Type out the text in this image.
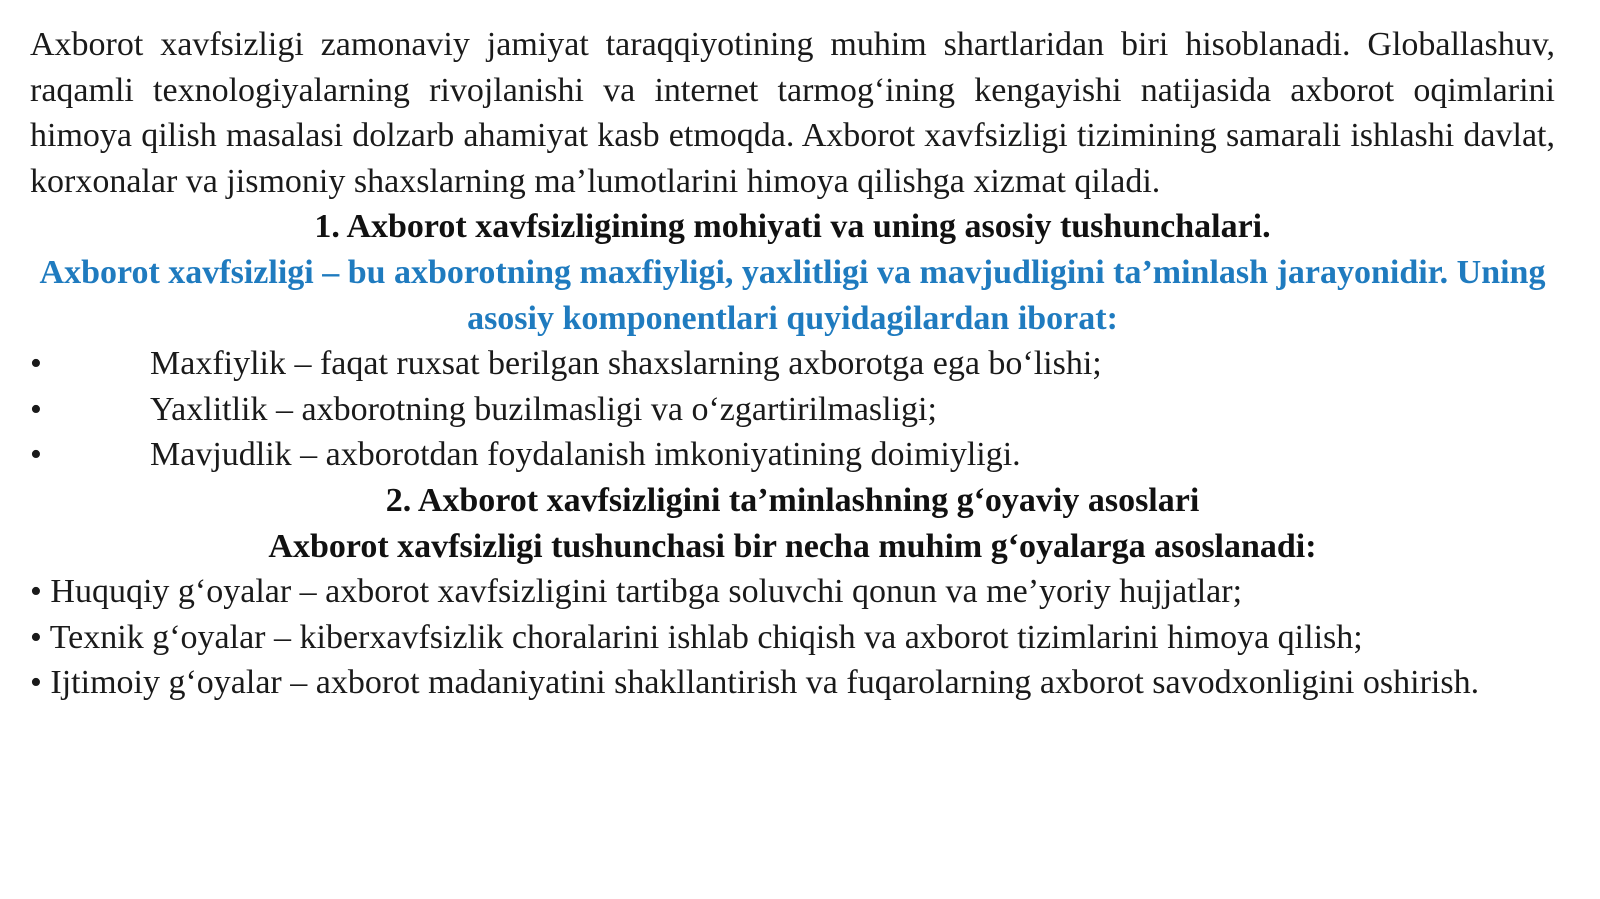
Axborot xavfsizligi zamonaviy jamiyat taraqqiyotining muhim shartlaridan biri hisoblanadi. Globallashuv, raqamli texnologiyalarning rivojlanishi va internet tarmog‘ining kengayishi natijasida axborot oqimlarini himoya qilish masalasi dolzarb ahamiyat kasb etmoqda. Axborot xavfsizligi tizimining samarali ishlashi davlat, korxonalar va jismoniy shaxslarning ma’lumotlarini himoya qilishga xizmat qiladi.

1. Axborot xavfsizligining mohiyati va uning asosiy tushunchalari.

Axborot xavfsizligi – bu axborotning maxfiyligi, yaxlitligi va mavjudligini ta’minlash jarayonidir. Uning asosiy komponentlari quyidagilardan iborat:

•	Maxfiylik – faqat ruxsat berilgan shaxslarning axborotga ega bo‘lishi;
•	Yaxlitlik – axborotning buzilmasligi va o‘zgartirilmasligi;
•	Mavjudlik – axborotdan foydalanish imkoniyatining doimiyligi.

2. Axborot xavfsizligini ta’minlashning g‘oyaviy asoslari

Axborot xavfsizligi tushunchasi bir necha muhim g‘oyalarga asoslanadi:

• Huquqiy g‘oyalar – axborot xavfsizligini tartibga soluvchi qonun va me’yoriy hujjatlar;

• Texnik g‘oyalar – kiberxavfsizlik choralarini ishlab chiqish va axborot tizimlarini himoya qilish;

• Ijtimoiy g‘oyalar – axborot madaniyatini shakllantirish va fuqarolarning axborot savodxonligini oshirish.
